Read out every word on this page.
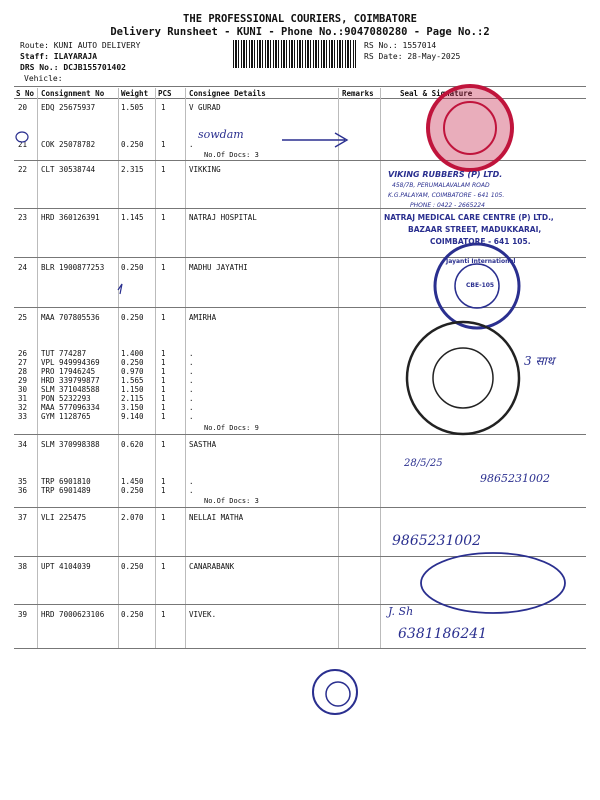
THE PROFESSIONAL COURIERS, COIMBATORE
Delivery Runsheet - KUNI - Phone No.:9047080280 - Page No.:2
Route: KUNI AUTO DELIVERY
Staff: ILAYARAJA
DRS No.: DCJB155701402
Vehicle:
RS No.: 1557014
RS Date: 28-May-2025
S No Consignment No Weight PCS Consignee Details	Remarks	Seal & Signature
20 EDQ 25675937	1.505 1	V GURAD
21 COK 25078782	0.250 1	.
No.Of Docs: 3
22 CLT 30538744	2.315 1	VIKKING
23 HRD 360126391	1.145 1	NATRAJ HOSPITAL
24 BLR 1900877253 0.250 1	MADHU JAYATHI
25 MAA 707805536	0.250 1	AMIRHA
26 TUT 774287	1.400 1	.
27 VPL 949994369	0.250 1	.
28 PRO 17946245	0.970 1	.
29 HRD 339799877	1.565 1	.
30 SLM 371048588	1.150 1	.
31 PON 5232293	2.115 1	.
32 MAA 577096334	3.150 1	.
33 GYM 1128765	9.140 1	.
No.Of Docs: 9
34 SLM 370998388	0.620 1	SASTHA
35 TRP 6901810	1.450 1	.
36 TRP 6901489	0.250 1	.
No.Of Docs: 3
37 VLI 225475	2.070 1	NELLAI MATHA
38 UPT 4104039	0.250 1	CANARABANK
39 HRD 7000623106 0.250 1	VIVEK.
VIKING RUBBERS (P) LTD.
458/7B, PERUMALAVALAM ROAD
K.G.PALAYAM, COIMBATORE - 641 105.
PHONE : 0422 - 2665224
NATRAJ MEDICAL CARE CENTRE (P) LTD.,
BAZAAR STREET, MADUKKARAI,
COIMBATORE - 641 105.
Jayanti International
CBE-105
sowdam
28/5/25
9865231002
9865231002
J. Sh
6381186241
3 साथ
